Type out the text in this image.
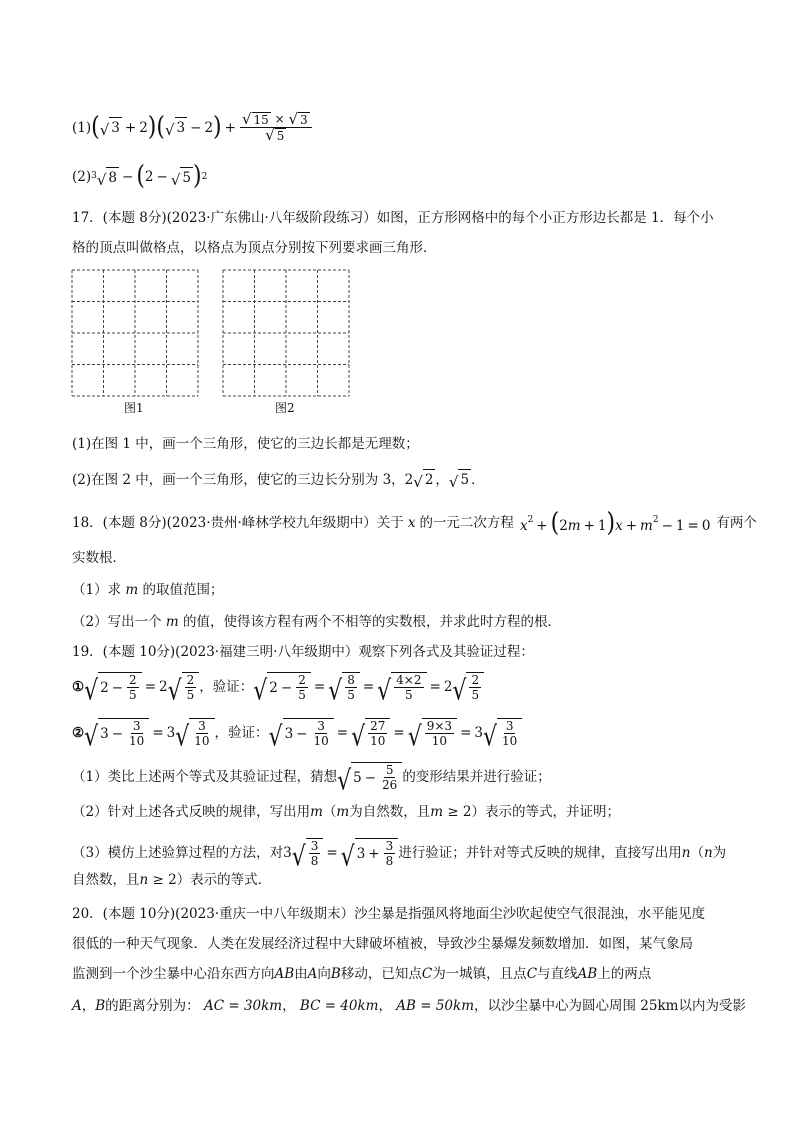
(1) ( √ 3 + 2 ) ( √ 3 − 2 ) + $\frac{√ 15 \times √ 3}{√ 5}$
(2) $^3$ √ 8 − ( 2 − √ 5 ) 2
17．(本题 8分)(2023·广东佛山·八年级阶段练习）如图，正方形网格中的每个小正方形边长都是 1．每个小
格的顶点叫做格点，以格点为顶点分别按下列要求画三角形．
图1	图2
(1)在图 1 中，画一个三角形，使它的三边长都是无理数；
(2)在图 2 中，画一个三角形，使它的三边长分别为 3，2 √ 2 ， √ 5 ．
18．(本题 8分)(2023·贵州·峰林学校九年级期中）关于 x 的一元二次方程 $x^2 + (2m + 1)x + m^2 - 1 = 0$ 有两个
实数根．
（1）求 m 的取值范围；
（2）写出一个 m 的值，使得该方程有两个不相等的实数根，并求此时方程的根．
19．(本题 10分)(2023·福建三明·八年级期中）观察下列各式及其验证过程：
① √ $2 - \frac{2}{5} = 2$ √ $\frac{2}{5}$ ，验证： √ $2 - \frac{2}{5}$ = √ $\frac{8}{5}$ = √ $\frac{4\times 2}{5} = 2$ √ $\frac{2}{5}$
② √ $3 - \frac{3}{10} = 3$ √ $\frac{3}{10}$ ，验证： √ $3 - \frac{3}{10}$ = √ $\frac{27}{10}$ = √ $\frac{9\times 3}{10} = 3$ √ $\frac{3}{10}$
（1）类比上述两个等式及其验证过程，猜想 √ $5 - \frac{5}{26}$ 的变形结果并进行验证；
（2）针对上述各式反映的规律，写出用m（m为自然数，且m ≥ 2）表示的等式，并证明；
（3）模仿上述验算过程的方法，对 3 √ $\frac{3}{8}$ = √ $3 + \frac{3}{8}$ 进行验证；并针对等式反映的规律，直接写出用 n （ n 为
自然数，且n ≥ 2）表示的等式．
20．(本题 10分)(2023·重庆一中八年级期末）沙尘暴是指强风将地面尘沙吹起使空气很混浊，水平能见度
很低的一种天气现象．人类在发展经济过程中大肆破坏植被，导致沙尘暴爆发频数增加．如图，某气象局
监测到一个沙尘暴中心沿东西方向AB由A向B移动，已知点C为一城镇，且点C与直线AB上的两点
A，B的距离分别为： AC = 30km， BC = 40km， AB = 50km，以沙尘暴中心为圆心周围 25km以内为受影
